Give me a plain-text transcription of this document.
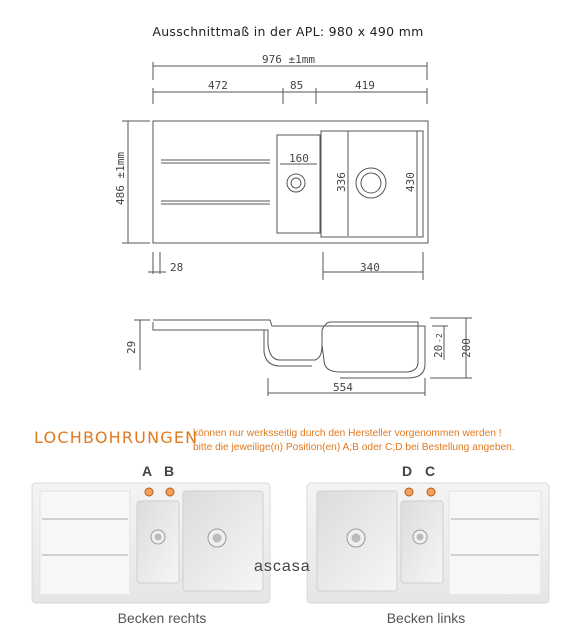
Ausschnittmaß in der APL: 980 x 490 mm
976 ±1mm
472	85	419
160
336	430
486 ±1mm
28	340
29
554
20
-2 200
LOCHBOHRUNGEN
können nur werksseitig durch den Hersteller vorgenommen werden !
bitte die jeweilige(n) Position(en) A;B oder C;D bei Bestellung angeben.
A B	D C
ascasa
Becken rechts	Becken links
